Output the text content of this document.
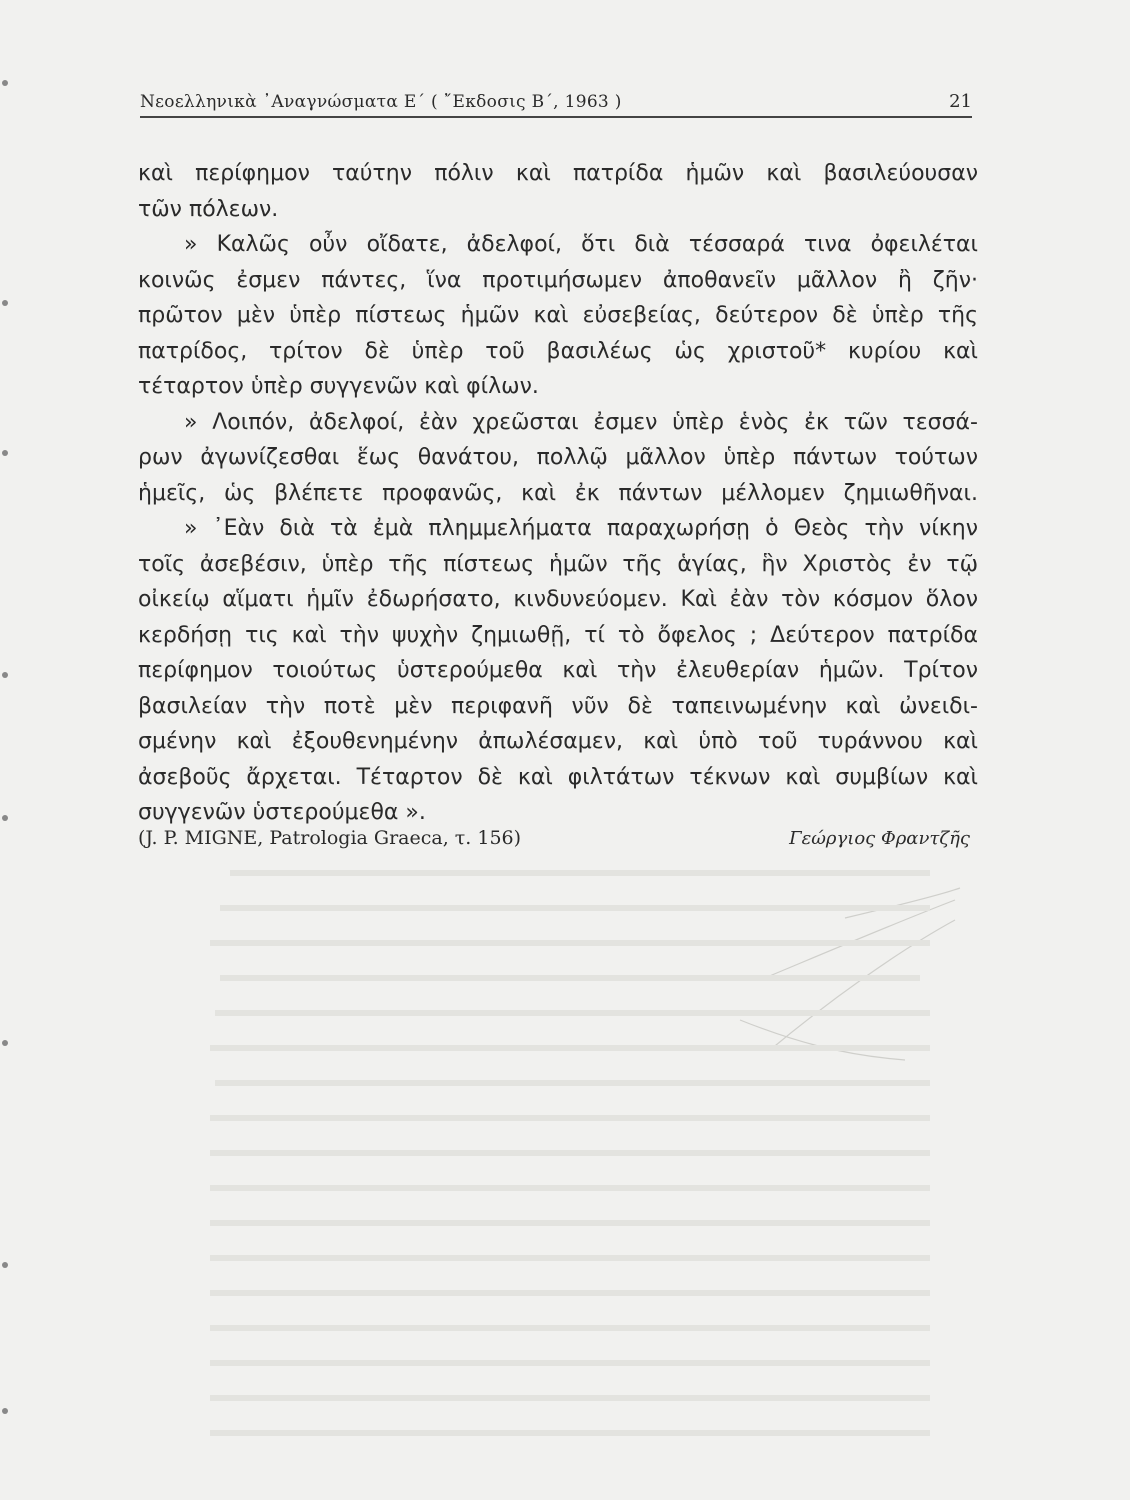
Νεοελληνικὰ ᾿Αναγνώσματα Ε΄ ( ῎Εκδοσις Β΄, 1963 )	21
καὶ περίφημον ταύτην πόλιν καὶ πατρίδα ἡμῶν καὶ βασιλεύουσαν
τῶν πόλεων.
» Καλῶς οὖν οἴδατε, ἀδελφοί, ὅτι διὰ τέσσαρά τινα ὀφειλέται
κοινῶς ἐσμεν πάντες, ἵνα προτιμήσωμεν ἀποθανεῖν μᾶλλον ἢ ζῆν·
πρῶτον μὲν ὑπὲρ πίστεως ἡμῶν καὶ εὐσεβείας, δεύτερον δὲ ὑπὲρ τῆς
πατρίδος, τρίτον δὲ ὑπὲρ τοῦ βασιλέως ὡς χριστοῦ* κυρίου καὶ
τέταρτον ὑπὲρ συγγενῶν καὶ φίλων.
» Λοιπόν, ἀδελφοί, ἐὰν χρεῶσται ἐσμεν ὑπὲρ ἑνὸς ἐκ τῶν τεσσά-
ρων ἀγωνίζεσθαι ἕως θανάτου, πολλῷ μᾶλλον ὑπὲρ πάντων τούτων
ἡμεῖς, ὡς βλέπετε προφανῶς, καὶ ἐκ πάντων μέλλομεν ζημιωθῆναι.
» ᾿Εὰν διὰ τὰ ἐμὰ πλημμελήματα παραχωρήσῃ ὁ Θεὸς τὴν νίκην
τοῖς ἀσεβέσιν, ὑπὲρ τῆς πίστεως ἡμῶν τῆς ἁγίας, ἣν Χριστὸς ἐν τῷ
οἰκείῳ αἵματι ἡμῖν ἐδωρήσατο, κινδυνεύομεν. Καὶ ἐὰν τὸν κόσμον ὅλον
κερδήσῃ τις καὶ τὴν ψυχὴν ζημιωθῇ, τί τὸ ὄφελος ; Δεύτερον πατρίδα
περίφημον τοιούτως ὑστερούμεθα καὶ τὴν ἐλευθερίαν ἡμῶν. Τρίτον
βασιλείαν τὴν ποτὲ μὲν περιφανῆ νῦν δὲ ταπεινωμένην καὶ ὠνειδι-
σμένην καὶ ἐξουθενημένην ἀπωλέσαμεν, καὶ ὑπὸ τοῦ τυράννου καὶ
ἀσεβοῦς ἄρχεται. Τέταρτον δὲ καὶ φιλτάτων τέκνων καὶ συμβίων καὶ
συγγενῶν ὑστερούμεθα ».
(J. P. MIGNE, Patrologia Graeca, τ. 156)	Γεώργιος Φραντζῆς
